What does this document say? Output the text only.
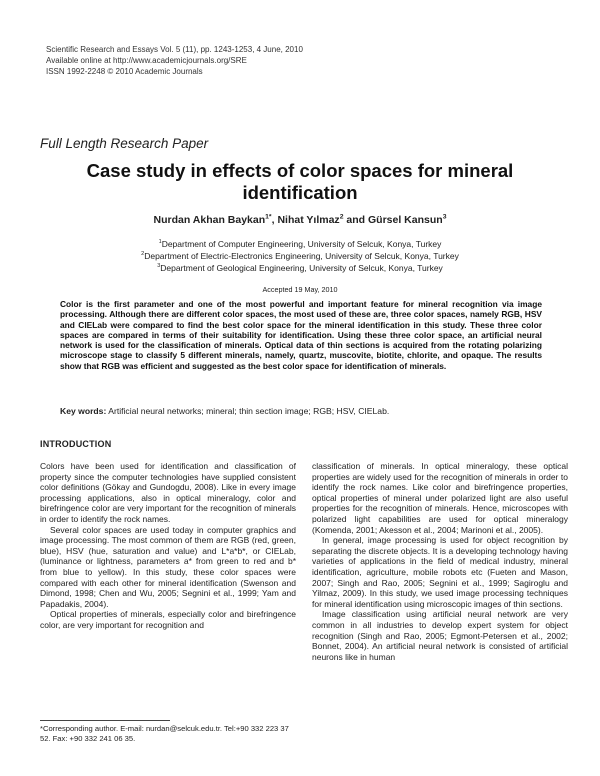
Scientific Research and Essays Vol. 5 (11), pp. 1243-1253, 4 June, 2010
Available online at http://www.academicjournals.org/SRE
ISSN 1992-2248 © 2010 Academic Journals
Full Length Research Paper
Case study in effects of color spaces for mineral identification
Nurdan Akhan Baykan$^{1*}$, Nihat Yılmaz$^2$ and Gürsel Kansun$^3$
$^1$Department of Computer Engineering, University of Selcuk, Konya, Turkey
$^2$Department of Electric-Electronics Engineering, University of Selcuk, Konya, Turkey
$^3$Department of Geological Engineering, University of Selcuk, Konya, Turkey
Accepted 19 May, 2010
Color is the first parameter and one of the most powerful and important feature for mineral recognition via image processing. Although there are different color spaces, the most used of these are, three color spaces, namely RGB, HSV and CIELab were compared to find the best color space for the mineral identification in this study. These three color spaces are compared in terms of their suitability for identification. Using these three color space, an artificial neural network is used for the classification of minerals. Optical data of thin sections is acquired from the rotating polarizing microscope stage to classify 5 different minerals, namely, quartz, muscovite, biotite, chlorite, and opaque. The results show that RGB was efficient and suggested as the best color space for identification of minerals.
Key words: Artificial neural networks; mineral; thin section image; RGB; HSV, CIELab.
INTRODUCTION

Colors have been used for identification and classification of property since the computer technologies have supplied consistent color definitions (Gökay and Gundogdu, 2008). Like in every image processing applications, also in optical mineralogy, color and birefringence color are very important for the recognition of minerals in order to identify the rock names.

Several color spaces are used today in computer graphics and image processing. The most common of them are RGB (red, green, blue), HSV (hue, saturation and value) and L*a*b*, or CIELab, (luminance or lightness, parameters a* from green to red and b* from blue to yellow). In this study, these color spaces were compared with each other for mineral identification (Swenson and Dimond, 1998; Chen and Wu, 2005; Segnini et al., 1999; Yam and Papadakis, 2004).

Optical properties of minerals, especially color and birefringence color, are very important for recognition and

classification of minerals. In optical mineralogy, these optical properties are widely used for the recognition of minerals in order to identify the rock names. Like color and birefringence properties, optical properties of mineral under polarized light are also useful properties for the recognition of minerals. Hence, microscopes with polarized light capabilities are used for optical mineralogy (Komenda, 2001; Akesson et al., 2004; Marinoni et al., 2005).

In general, image processing is used for object recognition by separating the discrete objects. It is a developing technology having varieties of applications in the field of medical industry, mineral identification, agriculture, mobile robots etc (Fueten and Mason, 2007; Singh and Rao, 2005; Segnini et al., 1999; Sagiroglu and Yilmaz, 2009). In this study, we used image processing techniques for mineral identification using microscopic images of thin sections.

Image classification using artificial neural network are very common in all industries to develop expert system for object recognition (Singh and Rao, 2005; Egmont-Petersen et al., 2002; Bonnet, 2004). An artificial neural network is consisted of artificial neurons like in human

*Corresponding author. E-mail: nurdan@selcuk.edu.tr. Tel:+90 332 223 37 52. Fax: +90 332 241 06 35.
